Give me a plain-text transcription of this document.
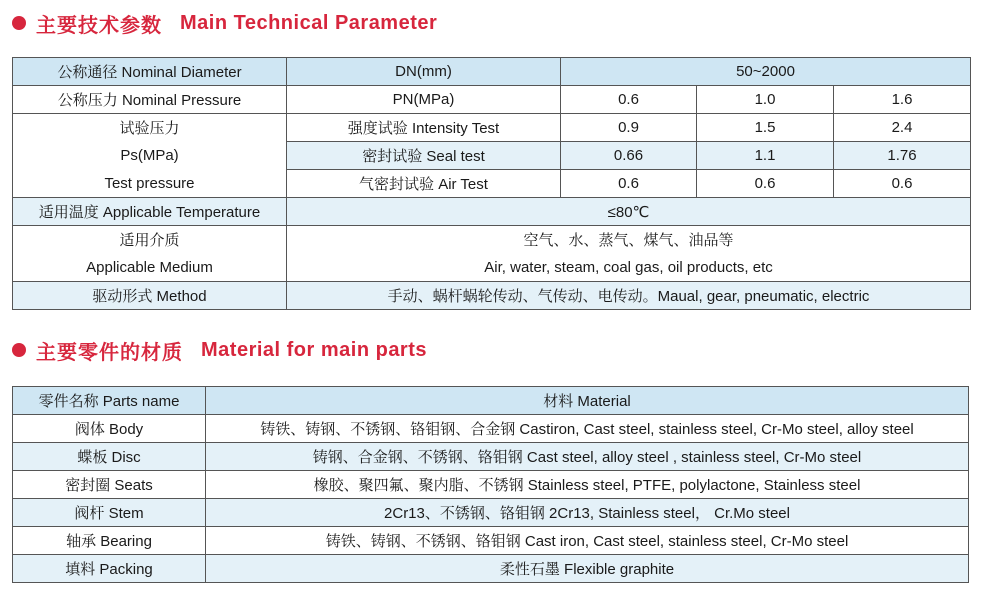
主要技术参数 Main Technical Parameter
公称通径 Nominal Diameter	DN(mm)	50~2000		
公称压力 Nominal Pressure	PN(MPa)	0.6	1.0	1.6
试验压力	强度试验 Intensity Test	0.9	1.5	2.4
Ps(MPa)	密封试验 Seal test	0.66	1.1	1.76
Test pressure	气密封试验 Air Test	0.6	0.6	0.6
适用温度 Applicable Temperature	≤80℃			
适用介质	空气、水、蒸气、煤气、油品等			
Applicable Medium	Air, water, steam, coal gas, oil products, etc			
驱动形式 Method	手动、蜗杆蜗轮传动、气传动、电传动。Maual, gear, pneumatic, electric			
主要零件的材质 Material for main parts
零件名称 Parts name	材料 Material
阀体 Body	铸铁、铸钢、不锈钢、铬钼钢、合金钢 Castiron, Cast steel, stainless steel, Cr-Mo steel, alloy steel
蝶板 Disc	铸钢、合金钢、不锈钢、铬钼钢 Cast steel, alloy steel , stainless steel, Cr-Mo steel
密封圈 Seats	橡胶、聚四氟、聚内脂、不锈钢 Stainless steel, PTFE, polylactone, Stainless steel
阀杆 Stem	2Cr13、不锈钢、铬钼钢 2Cr13, Stainless steel， Cr.Mo steel
轴承 Bearing	铸铁、铸钢、不锈钢、铬钼钢 Cast iron, Cast steel, stainless steel, Cr-Mo steel
填料 Packing	柔性石墨 Flexible graphite
